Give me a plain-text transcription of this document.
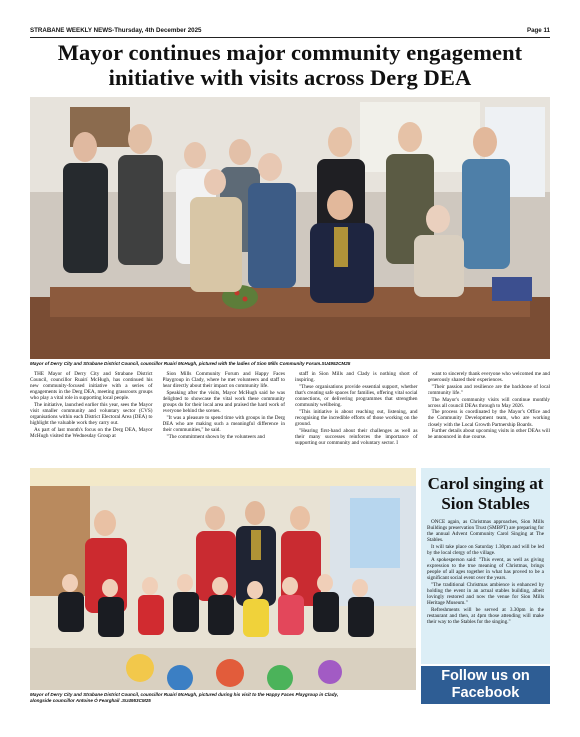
STRABANE WEEKLY NEWS-Thursday, 4th December 2025	Page 11
Mayor continues major community engagement initiative with visits across Derg DEA
Mayor of Derry City and Strabane District Council, councillor Ruairí McHugh, pictured with the ladies of Sion Mills Community Forum.SU4952CM25

THE Mayor of Derry City and Strabane District Council, councillor Ruairí McHugh, has continued his new community-focused initiative with a series of engagements in the Derg DEA, meeting grassroots groups who play a vital role in supporting local people.

The initiative, launched earlier this year, sees the Mayor visit smaller community and voluntary sector (CVS) organisations within each District Electoral Area (DEA) to highlight the valuable work they carry out.

As part of last month's focus on the Derg DEA, Mayor McHugh visited the Wednesday Group at

Sion Mills Community Forum and Happy Faces Playgroup in Clady, where he met volunteers and staff to hear directly about their impact on community life.

Speaking after the visits, Mayor McHugh said he was delighted to showcase the vital work these community groups do for their local area and praised the hard work of everyone behind the scenes.

"It was a pleasure to spend time with groups in the Derg DEA who are making such a meaningful difference in their communities," he said.

"The commitment shown by the volunteers and

staff in Sion Mills and Clady is nothing short of inspiring.

"These organisations provide essential support, whether that's creating safe spaces for families, offering vital social connections, or delivering programmes that strengthen community wellbeing.

"This initiative is about reaching out, listening, and recognising the incredible efforts of those working on the ground.

"Hearing first-hand about their challenges as well as their many successes reinforces the importance of supporting our community and voluntary sector. I

want to sincerely thank everyone who welcomed me and generously shared their experiences.

"Their passion and resilience are the backbone of local community life."

The Mayor's community visits will continue monthly across all council DEAs through to May 2026.

The process is coordinated by the Mayor's Office and the Community Development team, who are working closely with the Local Growth Partnership Boards.

Further details about upcoming visits in other DEAs will be announced in due course.

Mayor of Derry City and Strabane District Council, councillor Ruairí McHugh, pictured during his visit to the Happy Faces Playgroup in Clady,
alongside councillor Antoine Ó Fearghail .SU4953CM25
Carol singing at Sion Stables

ONCE again, as Christmas approaches, Sion Mills Buildings preservation Trust (SMBPT) are preparing for the annual Advent Community Carol Singing at The Stables.

It will take place on Saturday 1.30pm and will be led by the local clergy of the village.

A spokesperson said: "This event, as well as giving expression to the true meaning of Christmas, brings people of all ages together in what has proved to be a significant social event over the years.

"The traditional Christmas ambience is enhanced by holding the event in an actual stables building, albeit lovingly restored and now the venue for Sion Mills Heritage Museum."

Refreshments will be served at 3.30pm in the restaurant and then, at 4pm those attending will make their way to the Stables for the singing."

Follow us on
Facebook
